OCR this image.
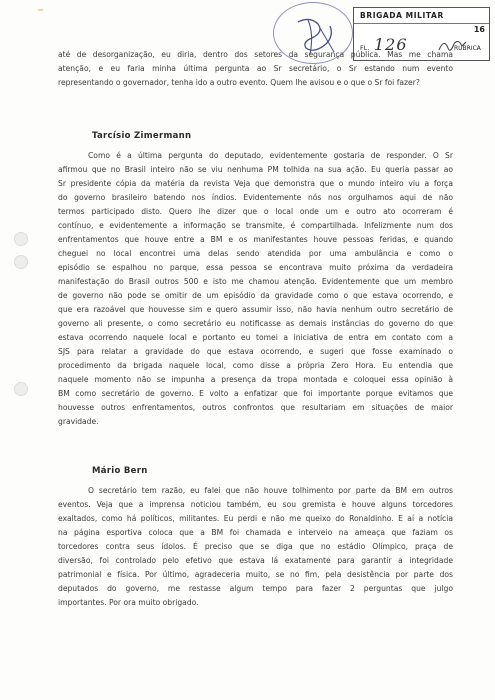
BRIGADA MILITAR
16
FL. 126	RUBRICA
até de desorganização, eu diria, dentro dos setores da segurança pública. Mas me chama
atenção, e eu faria minha última pergunta ao Sr secretário, o Sr estando num evento
representando o governador, tenha ido a outro evento. Quem lhe avisou e o que o Sr foi fazer?
Tarcísio Zimermann
Como é a última pergunta do deputado, evidentemente gostaria de responder. O Sr
afirmou que no Brasil inteiro não se viu nenhuma PM tolhida na sua ação. Eu queria passar ao
Sr presidente cópia da matéria da revista Veja que demonstra que o mundo inteiro viu a força
do governo brasileiro batendo nos índios. Evidentemente nós nos orgulhamos aqui de não
termos participado disto. Quero lhe dizer que o local onde um e outro ato ocorreram é
contínuo, e evidentemente a informação se transmite, é compartilhada. Infelizmente num dos
enfrentamentos que houve entre a BM e os manifestantes houve pessoas feridas, e quando
cheguei no local encontrei uma delas sendo atendida por uma ambulância e como o
episódio se espalhou no parque, essa pessoa se encontrava muito próxima da verdadeira
manifestação do Brasil outros 500 e isto me chamou atenção. Evidentemente que um membro
de governo não pode se omitir de um episódio da gravidade como o que estava ocorrendo, e
que era razoável que houvesse sim e quero assumir isso, não havia nenhum outro secretário de
governo ali presente, o como secretário eu notificasse as demais instâncias do governo do que
estava ocorrendo naquele local e portanto eu tomei a iniciativa de entra em contato com a
SJS para relatar a gravidade do que estava ocorrendo, e sugeri que fosse examinado o
procedimento da brigada naquele local, como disse a própria Zero Hora. Eu entendia que
naquele momento não se impunha a presença da tropa montada e coloquei essa opinião à
BM como secretário de governo. E volto a enfatizar que foi importante porque evitamos que
houvesse outros enfrentamentos, outros confrontos que resultariam em situações de maior
gravidade.
Mário Bern
O secretário tem razão, eu falei que não houve tolhimento por parte da BM em outros
eventos. Veja que a imprensa noticiou também, eu sou gremista e houve alguns torcedores
exaltados, como há políticos, militantes. Eu perdi e não me queixo do Ronaldinho. E aí a notícia
na página esportiva coloca que a BM foi chamada e interveio na ameaça que faziam os
torcedores contra seus ídolos. É preciso que se diga que no estádio Olímpico, praça de
diversão, foi controlado pelo efetivo que estava lá exatamente para garantir a integridade
patrimonial e física. Por último, agradeceria muito, se no fim, pela desistência por parte dos
deputados do governo, me restasse algum tempo para fazer 2 perguntas que julgo
importantes. Por ora muito obrigado.
